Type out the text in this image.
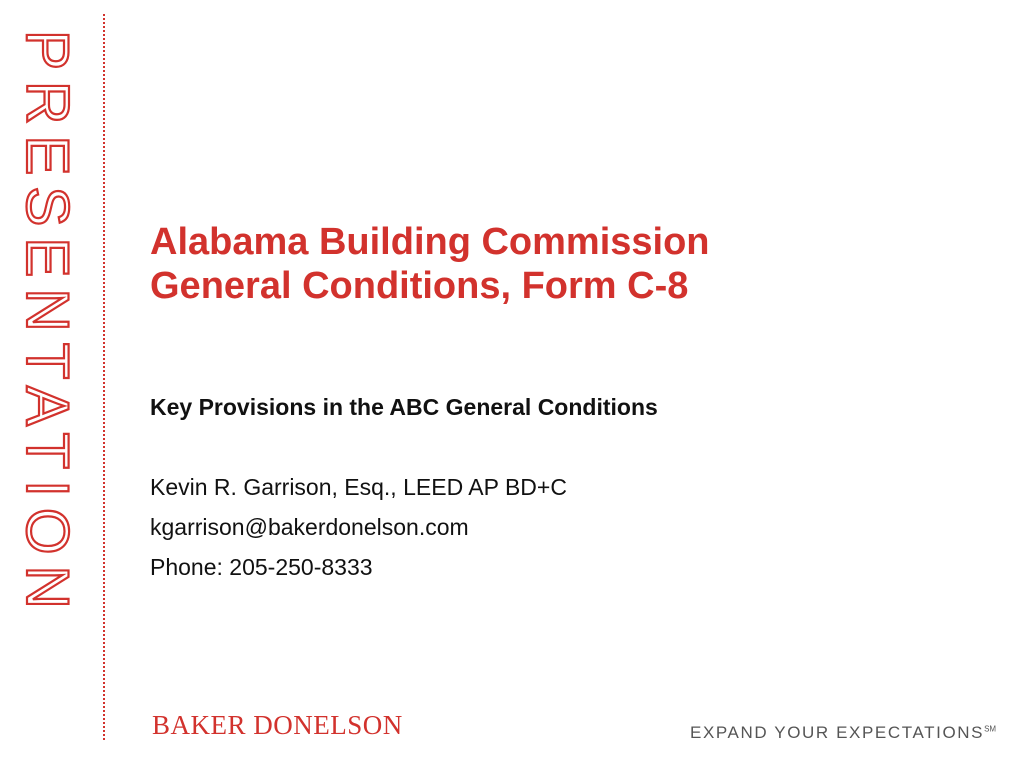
PRESENTATION Alabama Building Commission
General Conditions, Form C-8
Key Provisions in the ABC General Conditions
Kevin R. Garrison, Esq., LEED AP BD+C
kgarrison@bakerdonelson.com
Phone: 205-250-8333
BAKER DONELSON	EXPAND YOUR EXPECTATIONS℠
